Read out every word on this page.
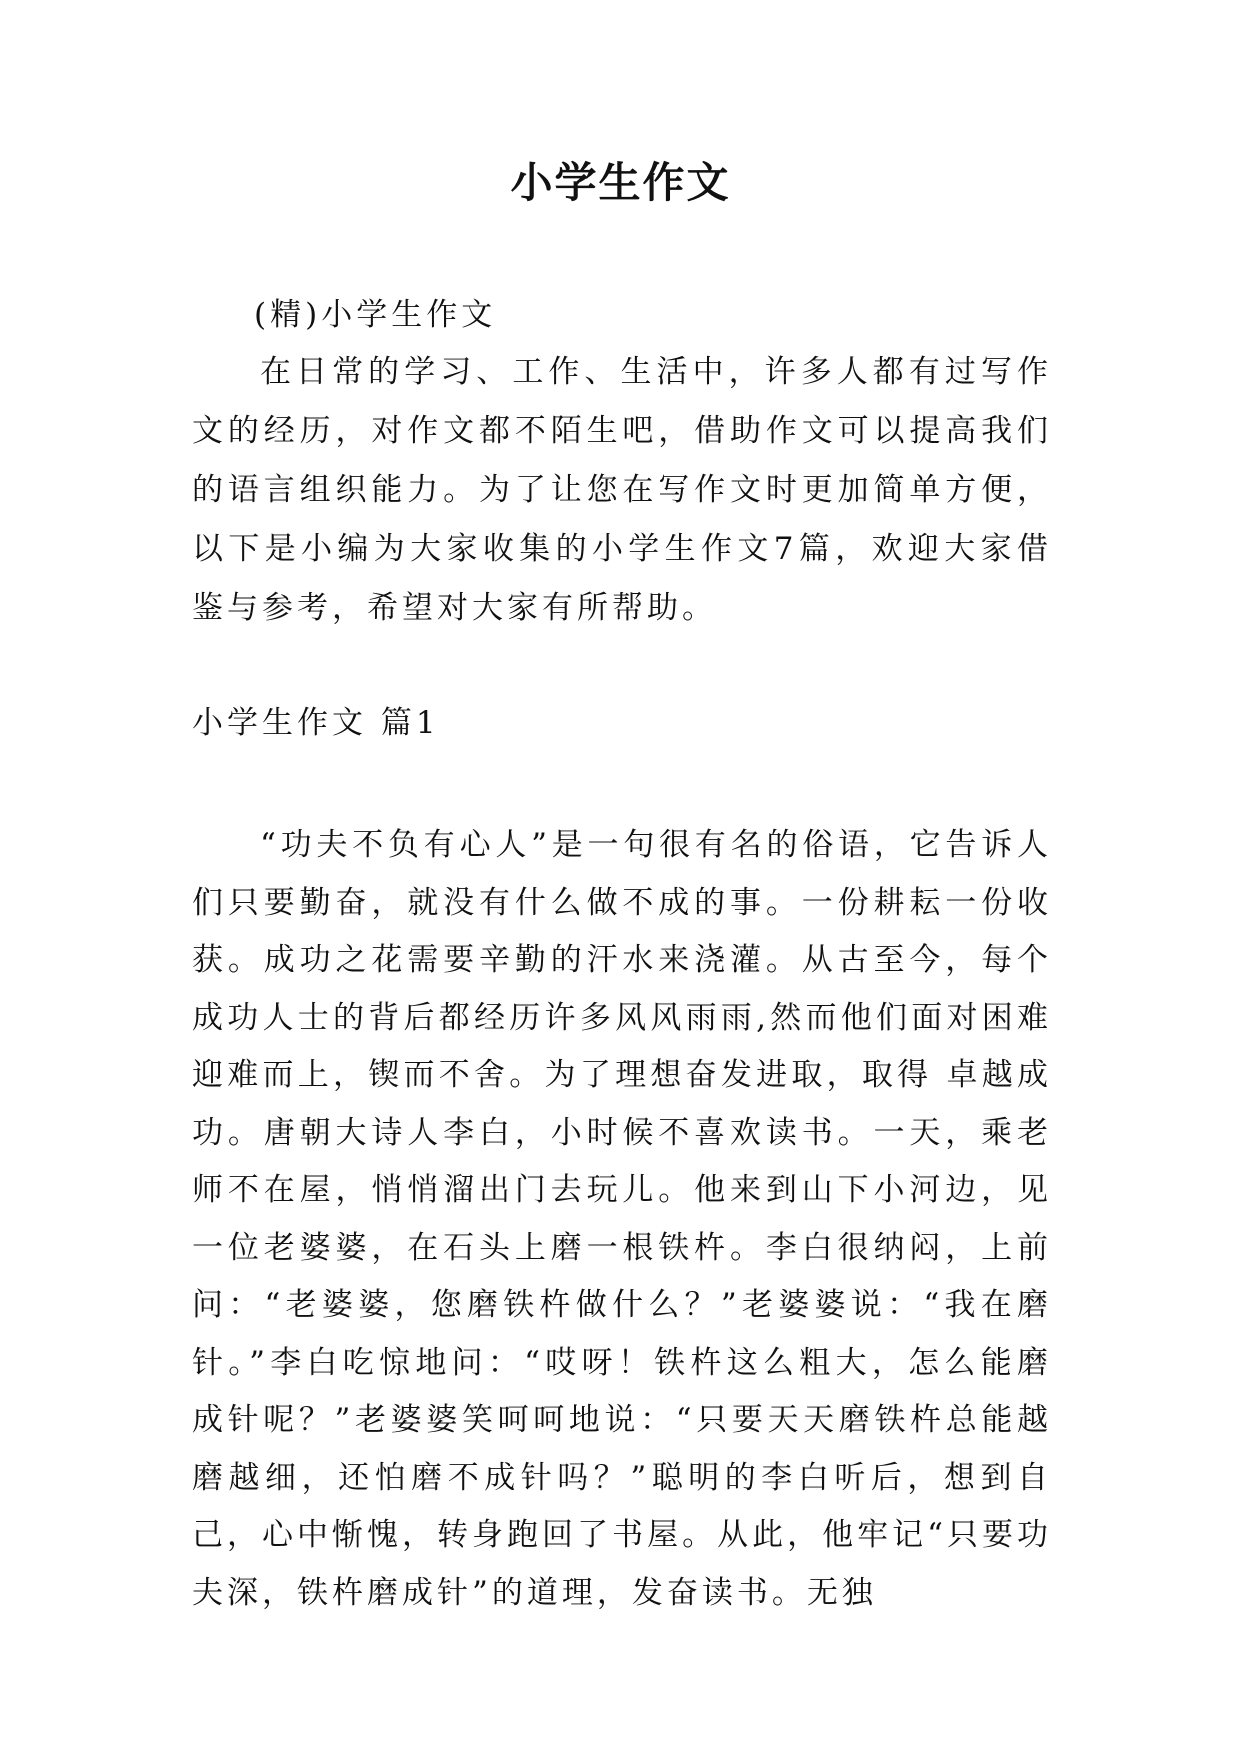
小学生作文

(精)小学生作文

在日常的学习、工作、生活中，许多人都有过写作文的经历，对作文都不陌生吧，借助作文可以提高我们的语言组织能力。为了让您在写作文时更加简单方便，以下是小编为大家收集的小学生作文7篇，欢迎大家借鉴与参考，希望对大家有所帮助。

小学生作文 篇1

“功夫不负有心人”是一句很有名的俗语，它告诉人们只要勤奋，就没有什么做不成的事。一份耕耘一份收获。成功之花需要辛勤的汗水来浇灌。从古至今，每个成功人士的背后都经历许多风风雨雨,然而他们面对困难迎难而上，锲而不舍。为了理想奋发进取，取得 卓越成功。唐朝大诗人李白，小时候不喜欢读书。一天，乘老师不在屋，悄悄溜出门去玩儿。他来到山下小河边，见一位老婆婆，在石头上磨一根铁杵。李白很纳闷，上前问：“老婆婆，您磨铁杵做什么？”老婆婆说：“我在磨针。”李白吃惊地问：“哎呀！铁杵这么粗大，怎么能磨成针呢？”老婆婆笑呵呵地说：“只要天天磨铁杵总能越磨越细，还怕磨不成针吗？”聪明的李白听后，想到自己，心中惭愧，转身跑回了书屋。从此，他牢记“只要功夫深，铁杵磨成针”的道理，发奋读书。无独
